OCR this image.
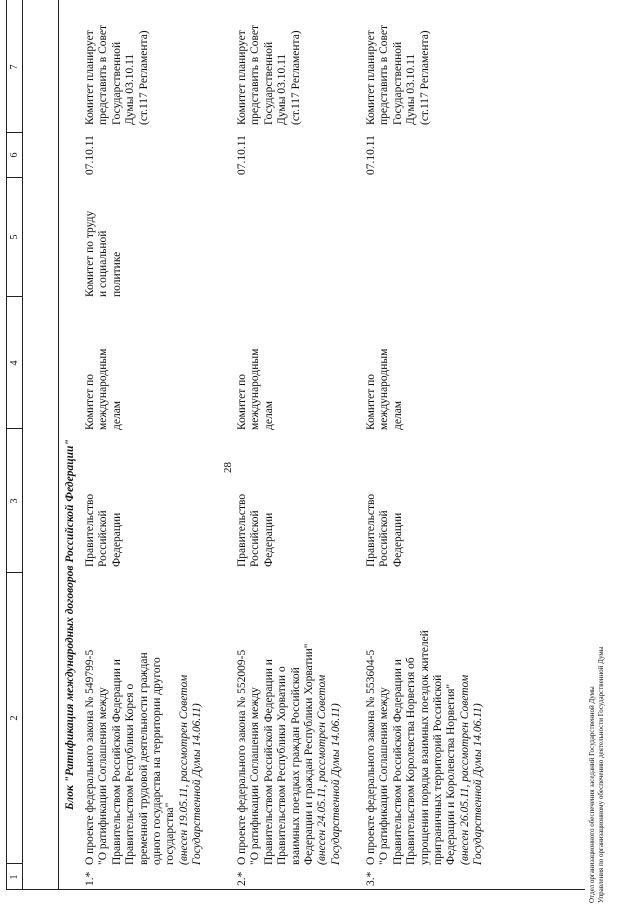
28
1
2
3
4
5
6
7
Блок "Ратификация международных договоров Российской Федерации"
1.*
О проекте федерального закона № 549799-5 "О ратификации Соглашения между Правительством Российской Федерации и Правительством Республики Корея о временной трудовой деятельности граждан одного государства на территории другого государства" (внесен 19.05.11, рассмотрен Советом Государственной Думы 14.06.11)
Правительство Российской Федерации
Комитет по международным делам
Комитет по труду и социальной политике
07.10.11
Комитет планирует представить в Совет Государственной Думы 03.10.11 (ст.117 Регламента)
2.*
О проекте федерального закона № 552009-5 "О ратификации Соглашения между Правительством Российской Федерации и Правительством Республики Хорватии о взаимных поездках граждан Российской Федерации и граждан Республики Хорватии" (внесен 24.05.11, рассмотрен Советом Государственной Думы 14.06.11)
Правительство Российской Федерации
Комитет по международным делам
07.10.11
Комитет планирует представить в Совет Государственной Думы 03.10.11 (ст.117 Регламента)
3.*
О проекте федерального закона № 553604-5 "О ратификации Соглашения между Правительством Российской Федерации и Правительством Королевства Норвегия об упрощении порядка взаимных поездок жителей приграничных территорий Российской Федерации и Королевства Норвегия" (внесен 26.05.11, рассмотрен Советом Государственной Думы 14.06.11)
Правительство Российской Федерации
Комитет по международным делам
07.10.11
Комитет планирует представить в Совет Государственной Думы 03.10.11 (ст.117 Регламента)
Отдел организационного обеспечения заседаний Государственной Думы Управления по организационному обеспечению деятельности Государственной Думы
